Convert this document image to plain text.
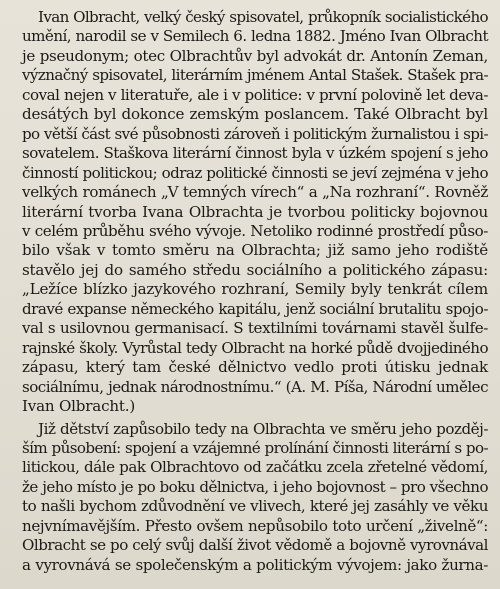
Ivan Olbracht, velký český spisovatel, průkopník socialistického
umění, narodil se v Semilech 6. ledna 1882. Jméno Ivan Olbracht
je pseudonym; otec Olbrachtův byl advokát dr. Antonín Zeman,
význačný spisovatel, literárním jménem Antal Stašek. Stašek pra-
coval nejen v literatuře, ale i v politice: v první polovině let deva-
desátých byl dokonce zemským poslancem. Také Olbracht byl
po větší část své působnosti zároveň i politickým žurnalistou i spi-
sovatelem. Staškova literární činnost byla v úzkém spojení s jeho
činností politickou; odraz politické činnosti se jeví zejména v jeho
velkých románech „V temných vírech“ a „Na rozhraní“. Rovněž
literární tvorba Ivana Olbrachta je tvorbou politicky bojovnou
v celém průběhu svého vývoje. Netoliko rodinné prostředí půso-
bilo však v tomto směru na Olbrachta; již samo jeho rodiště
stavělo jej do samého středu sociálního a politického zápasu:
„Ležíce blízko jazykového rozhraní, Semily byly tenkrát cílem
dravé expanse německého kapitálu, jenž sociální brutalitu spojo-
val s usilovnou germanisací. S textilními továrnami stavěl šulfe-
rajnské školy. Vyrůstal tedy Olbracht na horké půdě dvojjediného
zápasu, který tam české dělnictvo vedlo proti útisku jednak
sociálnímu, jednak národnostnímu.“ (A. M. Píša, Národní umělec
Ivan Olbracht.)

Již dětství zapůsobilo tedy na Olbrachta ve směru jeho pozděj-
ším působení: spojení a vzájemné prolínání činnosti literární s po-
litickou, dále pak Olbrachtovo od začátku zcela zřetelné vědomí,
že jeho místo je po boku dělnictva, i jeho bojovnost – pro všechno
to našli bychom zdůvodnění ve vlivech, které jej zasáhly ve věku
nejvnímavějším. Přesto ovšem nepůsobilo toto určení „živelně“:
Olbracht se po celý svůj další život vědomě a bojovně vyrovnával
a vyrovnává se společenským a politickým vývojem: jako žurna-
